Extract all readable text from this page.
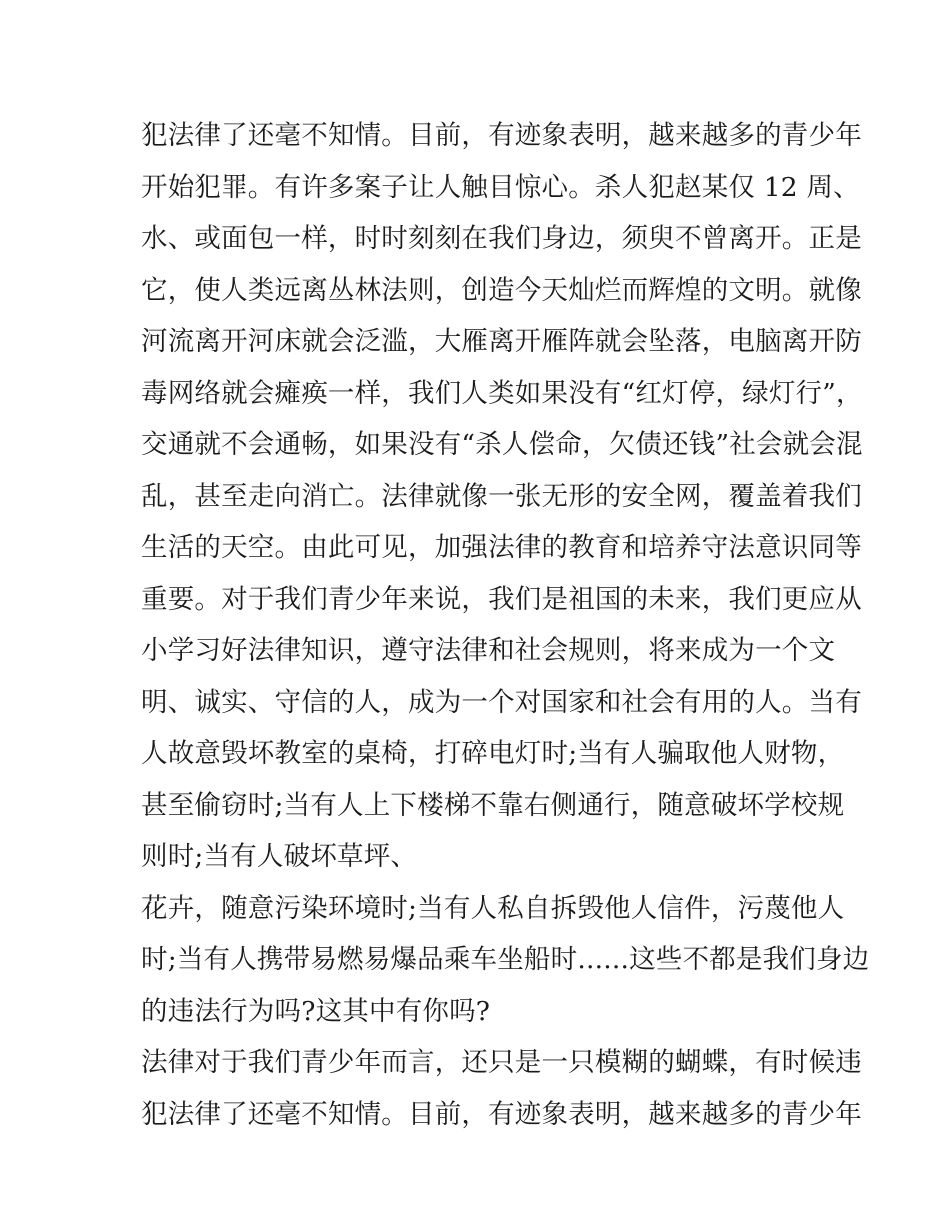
犯法律了还毫不知情。目前，有迹象表明，越来越多的青少年
开始犯罪。有许多案子让人触目惊心。杀人犯赵某仅 12 周、
水、或面包一样，时时刻刻在我们身边，须臾不曾离开。正是
它，使人类远离丛林法则，创造今天灿烂而辉煌的文明。就像
河流离开河床就会泛滥，大雁离开雁阵就会坠落，电脑离开防
毒网络就会瘫痪一样，我们人类如果没有“红灯停，绿灯行”，
交通就不会通畅，如果没有“杀人偿命，欠债还钱”社会就会混
乱，甚至走向消亡。法律就像一张无形的安全网，覆盖着我们
生活的天空。由此可见，加强法律的教育和培养守法意识同等
重要。对于我们青少年来说，我们是祖国的未来，我们更应从
小学习好法律知识，遵守法律和社会规则，将来成为一个文
明、诚实、守信的人，成为一个对国家和社会有用的人。当有
人故意毁坏教室的桌椅，打碎电灯时;当有人骗取他人财物，
甚至偷窃时;当有人上下楼梯不靠右侧通行，随意破坏学校规
则时;当有人破坏草坪、
花卉，随意污染环境时;当有人私自拆毁他人信件，污蔑他人
时;当有人携带易燃易爆品乘车坐船时......这些不都是我们身边
的违法行为吗?这其中有你吗?
法律对于我们青少年而言，还只是一只模糊的蝴蝶，有时候违
犯法律了还毫不知情。目前，有迹象表明，越来越多的青少年
